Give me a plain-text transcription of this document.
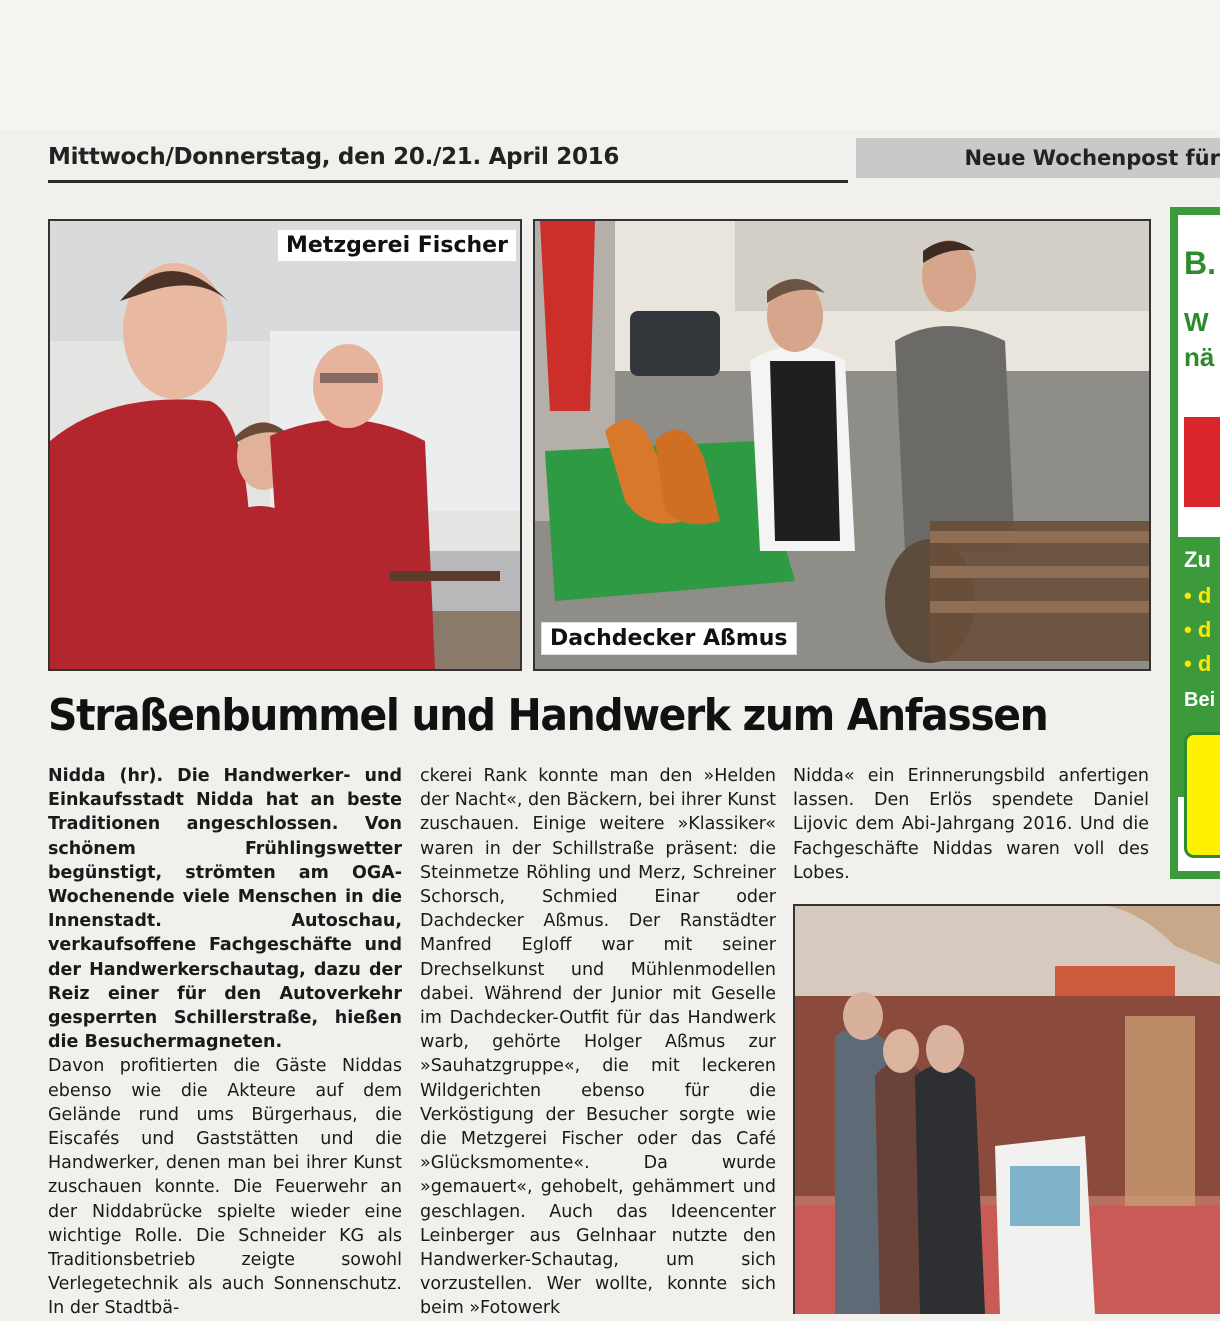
Mittwoch/Donnerstag, den 20./21. April 2016	Neue Wochenpost für
Metzgerei Fischer
Dachdecker Aßmus
B.
W
nä
Zu
• d
• d
• d
Bei
Straßenbummel und Handwerk zum Anfassen

Nidda (hr). Die Handwerker- und Einkaufsstadt Nidda hat an beste Traditionen angeschlossen. Von schönem Frühlingswetter begünstigt, strömten am OGA-Wochenende viele Menschen in die Innenstadt. Autoschau, verkaufsoffene Fachgeschäfte und der Handwerkerschautag, dazu der Reiz einer für den Autoverkehr gesperrten Schillerstraße, hießen die Besuchermagneten.

Davon profitierten die Gäste Niddas ebenso wie die Akteure auf dem Gelände rund ums Bürgerhaus, die Eiscafés und Gaststätten und die Handwerker, denen man bei ihrer Kunst zuschauen konnte. Die Feuerwehr an der Niddabrücke spielte wieder eine wichtige Rolle. Die Schneider KG als Traditionsbetrieb zeigte sowohl Verlegetechnik als auch Sonnenschutz. In der Stadtbä-

ckerei Rank konnte man den »Helden der Nacht«, den Bäckern, bei ihrer Kunst zuschauen. Einige weitere »Klassiker« waren in der Schillstraße präsent: die Steinmetze Röhling und Merz, Schreiner Schorsch, Schmied Einar oder Dachdecker Aßmus. Der Ranstädter Manfred Egloff war mit seiner Drechselkunst und Mühlenmodellen dabei. Während der Junior mit Geselle im Dachdecker-Outfit für das Handwerk warb, gehörte Holger Aßmus zur »Sauhatzgruppe«, die mit leckeren Wildgerichten ebenso für die Verköstigung der Besucher sorgte wie die Metzgerei Fischer oder das Café »Glücksmomente«. Da wurde »gemauert«, gehobelt, gehämmert und geschlagen. Auch das Ideencenter Leinberger aus Gelnhaar nutzte den Handwerker-Schautag, um sich vorzustellen. Wer wollte, konnte sich beim »Fotowerk

Nidda« ein Erinnerungsbild anfertigen lassen. Den Erlös spendete Daniel Lijovic dem Abi-Jahrgang 2016. Und die Fachgeschäfte Niddas waren voll des Lobes.
